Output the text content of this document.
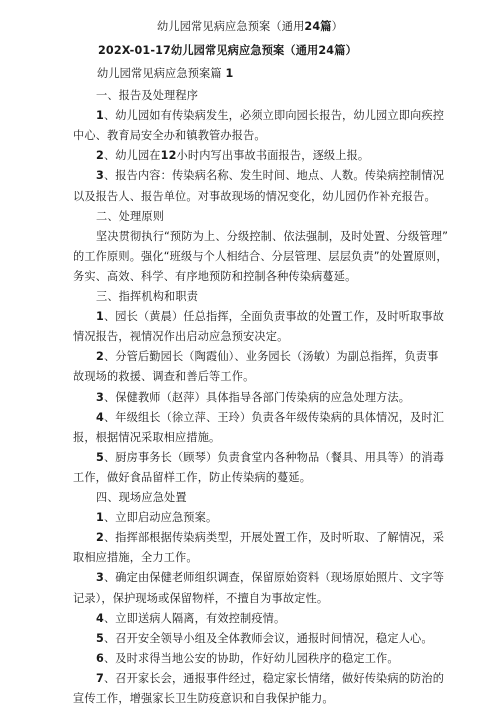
幼儿园常见病应急预案（通用24篇）
202X-01-17幼儿园常见病应急预案（通用24篇）
幼儿园常见病应急预案篇 1
一、报告及处理程序
1、幼儿园如有传染病发生，必须立即向园长报告，幼儿园立即向疾控
中心、教育局安全办和镇教管办报告。
2、幼儿园在12小时内写出事故书面报告，逐级上报。
3、报告内容：传染病名称、发生时间、地点、人数。传染病控制情况
以及报告人、报告单位。对事故现场的情况变化，幼儿园仍作补充报告。
二、处理原则
坚决贯彻执行“预防为上、分级控制、依法强制，及时处置、分级管理”
的工作原则。强化“班级与个人相结合、分层管理、层层负责”的处置原则，
务实、高效、科学、有序地预防和控制各种传染病蔓延。
三、指挥机构和职责
1、园长（黄晨）任总指挥，全面负责事故的处置工作，及时听取事故
情况报告，视情况作出启动应急预安决定。
2、分管后勤园长（陶霞仙）、业务园长（汤敏）为副总指挥，负责事
故现场的救援、调查和善后等工作。
3、保健教师（赵萍）具体指导各部门传染病的应急处理方法。
4、年级组长（徐立萍、王玲）负责各年级传染病的具体情况，及时汇
报，根据情况采取相应措施。
5、厨房事务长（顾琴）负责食堂内各种物品（餐具、用具等）的消毒
工作，做好食品留样工作，防止传染病的蔓延。
四、现场应急处置
1、立即启动应急预案。
2、指挥部根据传染病类型，开展处置工作，及时听取、了解情况，采
取相应措施，全力工作。
3、确定由保健老师组织调查，保留原始资料（现场原始照片、文字等
记录），保护现场或保留物样，不擅自为事故定性。
4、立即送病人隔离，有效控制疫情。
5、召开安全领导小组及全体教师会议，通报时间情况，稳定人心。
6、及时求得当地公安的协助，作好幼儿园秩序的稳定工作。
7、召开家长会，通报事件经过，稳定家长情绪，做好传染病的防治的
宣传工作，增强家长卫生防疫意识和自我保护能力。
